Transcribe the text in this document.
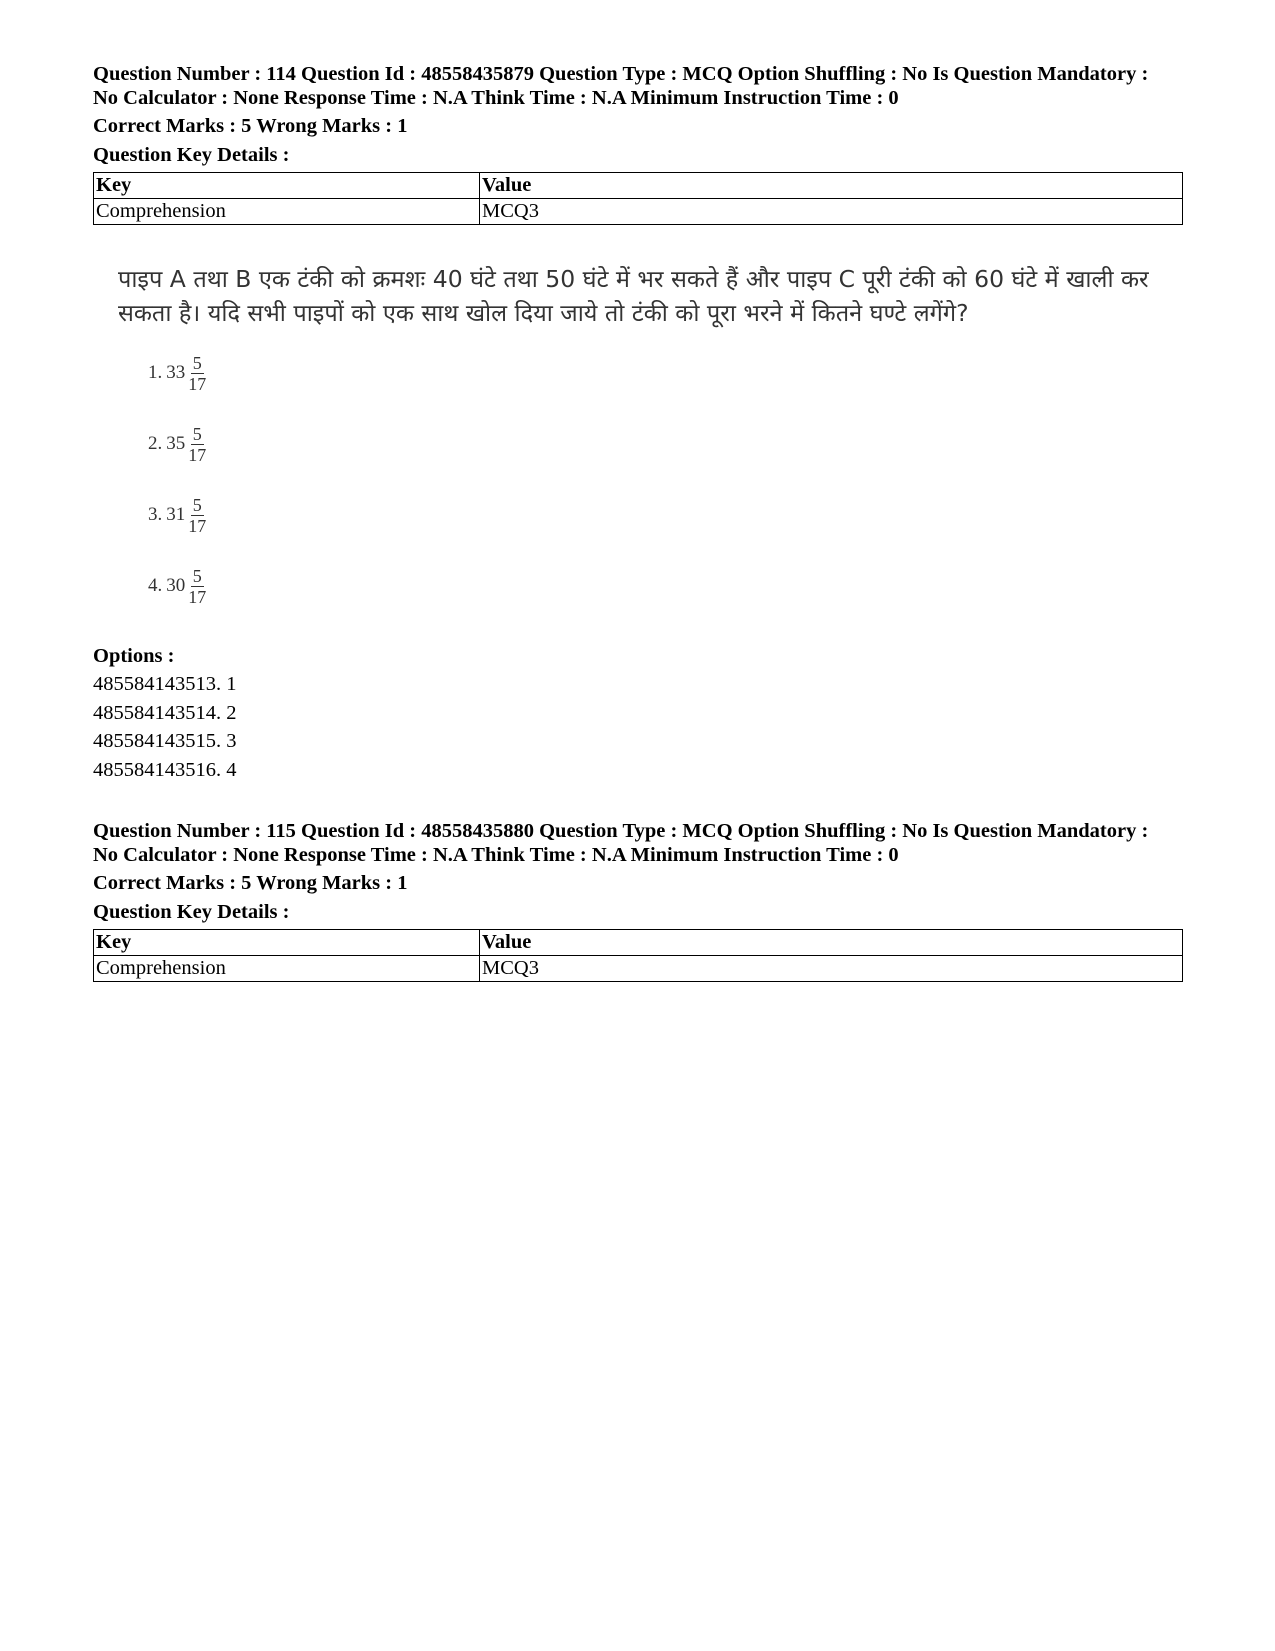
Question Number : 114 Question Id : 48558435879 Question Type : MCQ Option Shuffling : No Is Question Mandatory :
No Calculator : None Response Time : N.A Think Time : N.A Minimum Instruction Time : 0
Correct Marks : 5 Wrong Marks : 1
Question Key Details :
Key	Value
Comprehension	MCQ3
पाइप A तथा B एक टंकी को क्रमशः 40 घंटे तथा 50 घंटे में भर सकते हैं और पाइप C पूरी टंकी को 60 घंटे में खाली कर सकता है। यदि सभी पाइपों को एक साथ खोल दिया जाये तो टंकी को पूरा भरने में कितने घण्टे लगेंगे?
1. $33 \frac{5}{17}$
2. $35 \frac{5}{17}$
3. $31 \frac{5}{17}$
4. $30 \frac{5}{17}$
Options :
485584143513. 1
485584143514. 2
485584143515. 3
485584143516. 4
Question Number : 115 Question Id : 48558435880 Question Type : MCQ Option Shuffling : No Is Question Mandatory :
No Calculator : None Response Time : N.A Think Time : N.A Minimum Instruction Time : 0
Correct Marks : 5 Wrong Marks : 1
Question Key Details :
Key	Value
Comprehension	MCQ3
